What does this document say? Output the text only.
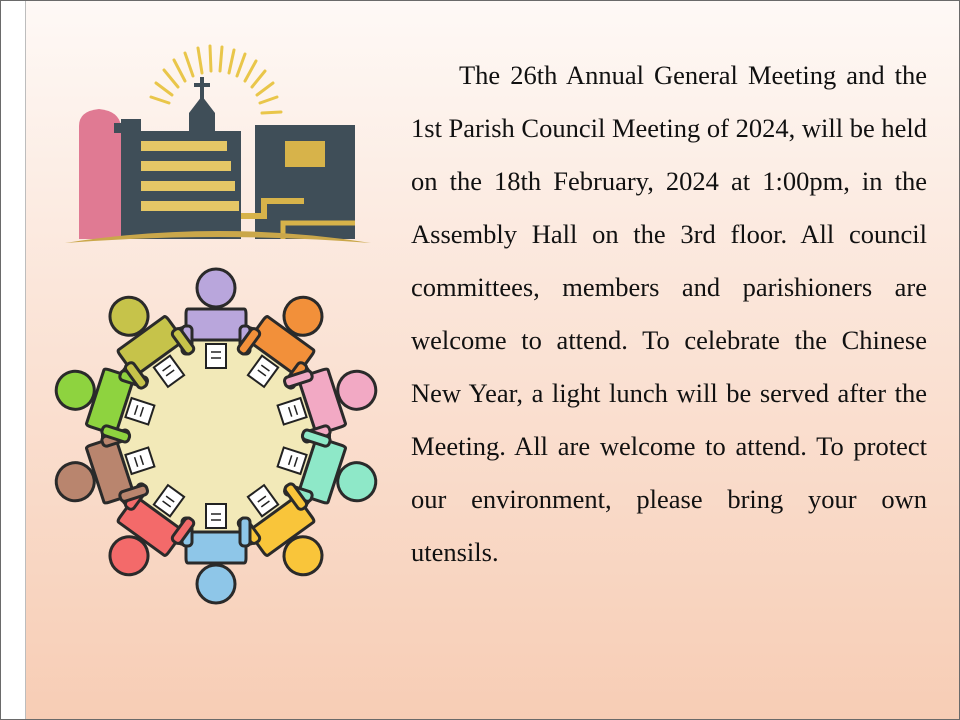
The 26th Annual General Meeting and the 1st Parish Council Meeting of 2024, will be held on the 18th February, 2024 at 1:00pm, in the Assembly Hall on the 3rd floor. All council committees, members and parishioners are welcome to attend. To celebrate the Chinese New Year, a light lunch will be served after the Meeting. All are welcome to attend. To protect our environment, please bring your own utensils.
